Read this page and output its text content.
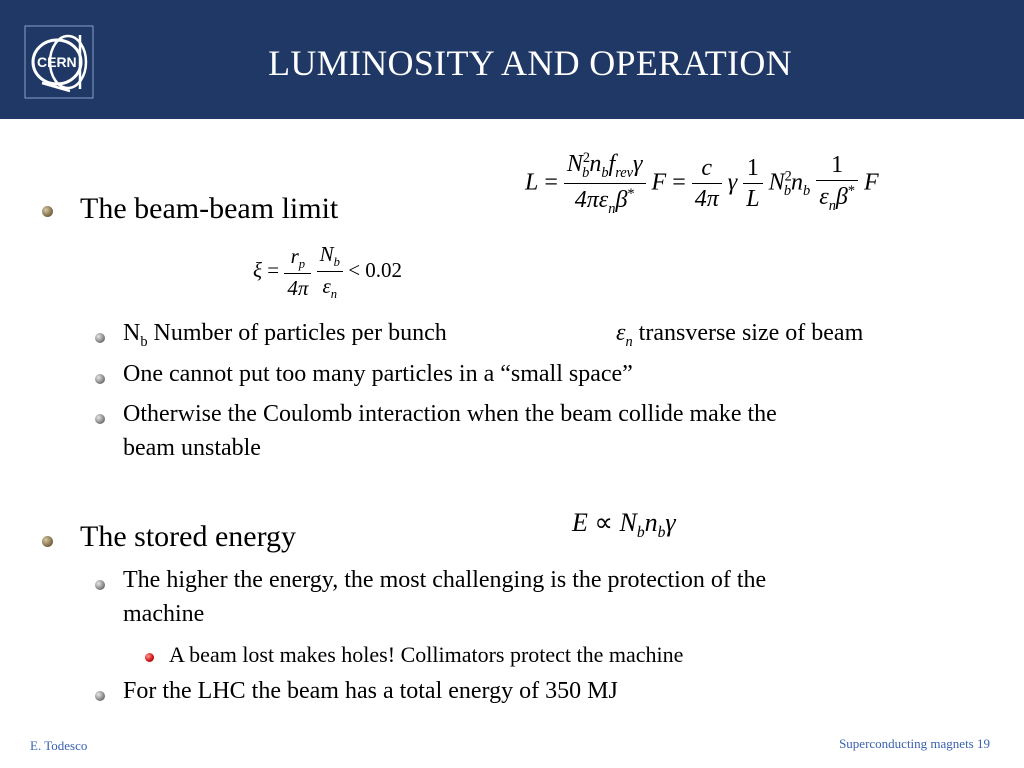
CERN	LUMINOSITY AND OPERATION
$L = \frac{N^2_bn_bf_{rev}\gamma}{4\pi\varepsilon_n\beta^*}$ $F = \frac{c}{4\pi}$ γ $\frac{1}{L} N^2_bn_b \frac{1}{\varepsilon_n\beta^*}$ F
The beam-beam limit
$\xi = \frac{r_p}{4\pi}$
$\frac{N_b}{\varepsilon_n} < 0.02$
$N_b$ Number of particles per bunch	$\varepsilon_n$ transverse size of beam
One cannot put too many particles in a “small space”
Otherwise the Coulomb interaction when the beam collide make the
beam unstable
$E \propto N_bn_b\gamma$
The stored energy
The higher the energy, the most challenging is the protection of the
machine
A beam lost makes holes! Collimators protect the machine
For the LHC the beam has a total energy of 350 MJ
E. Todesco	Superconducting magnets 19
